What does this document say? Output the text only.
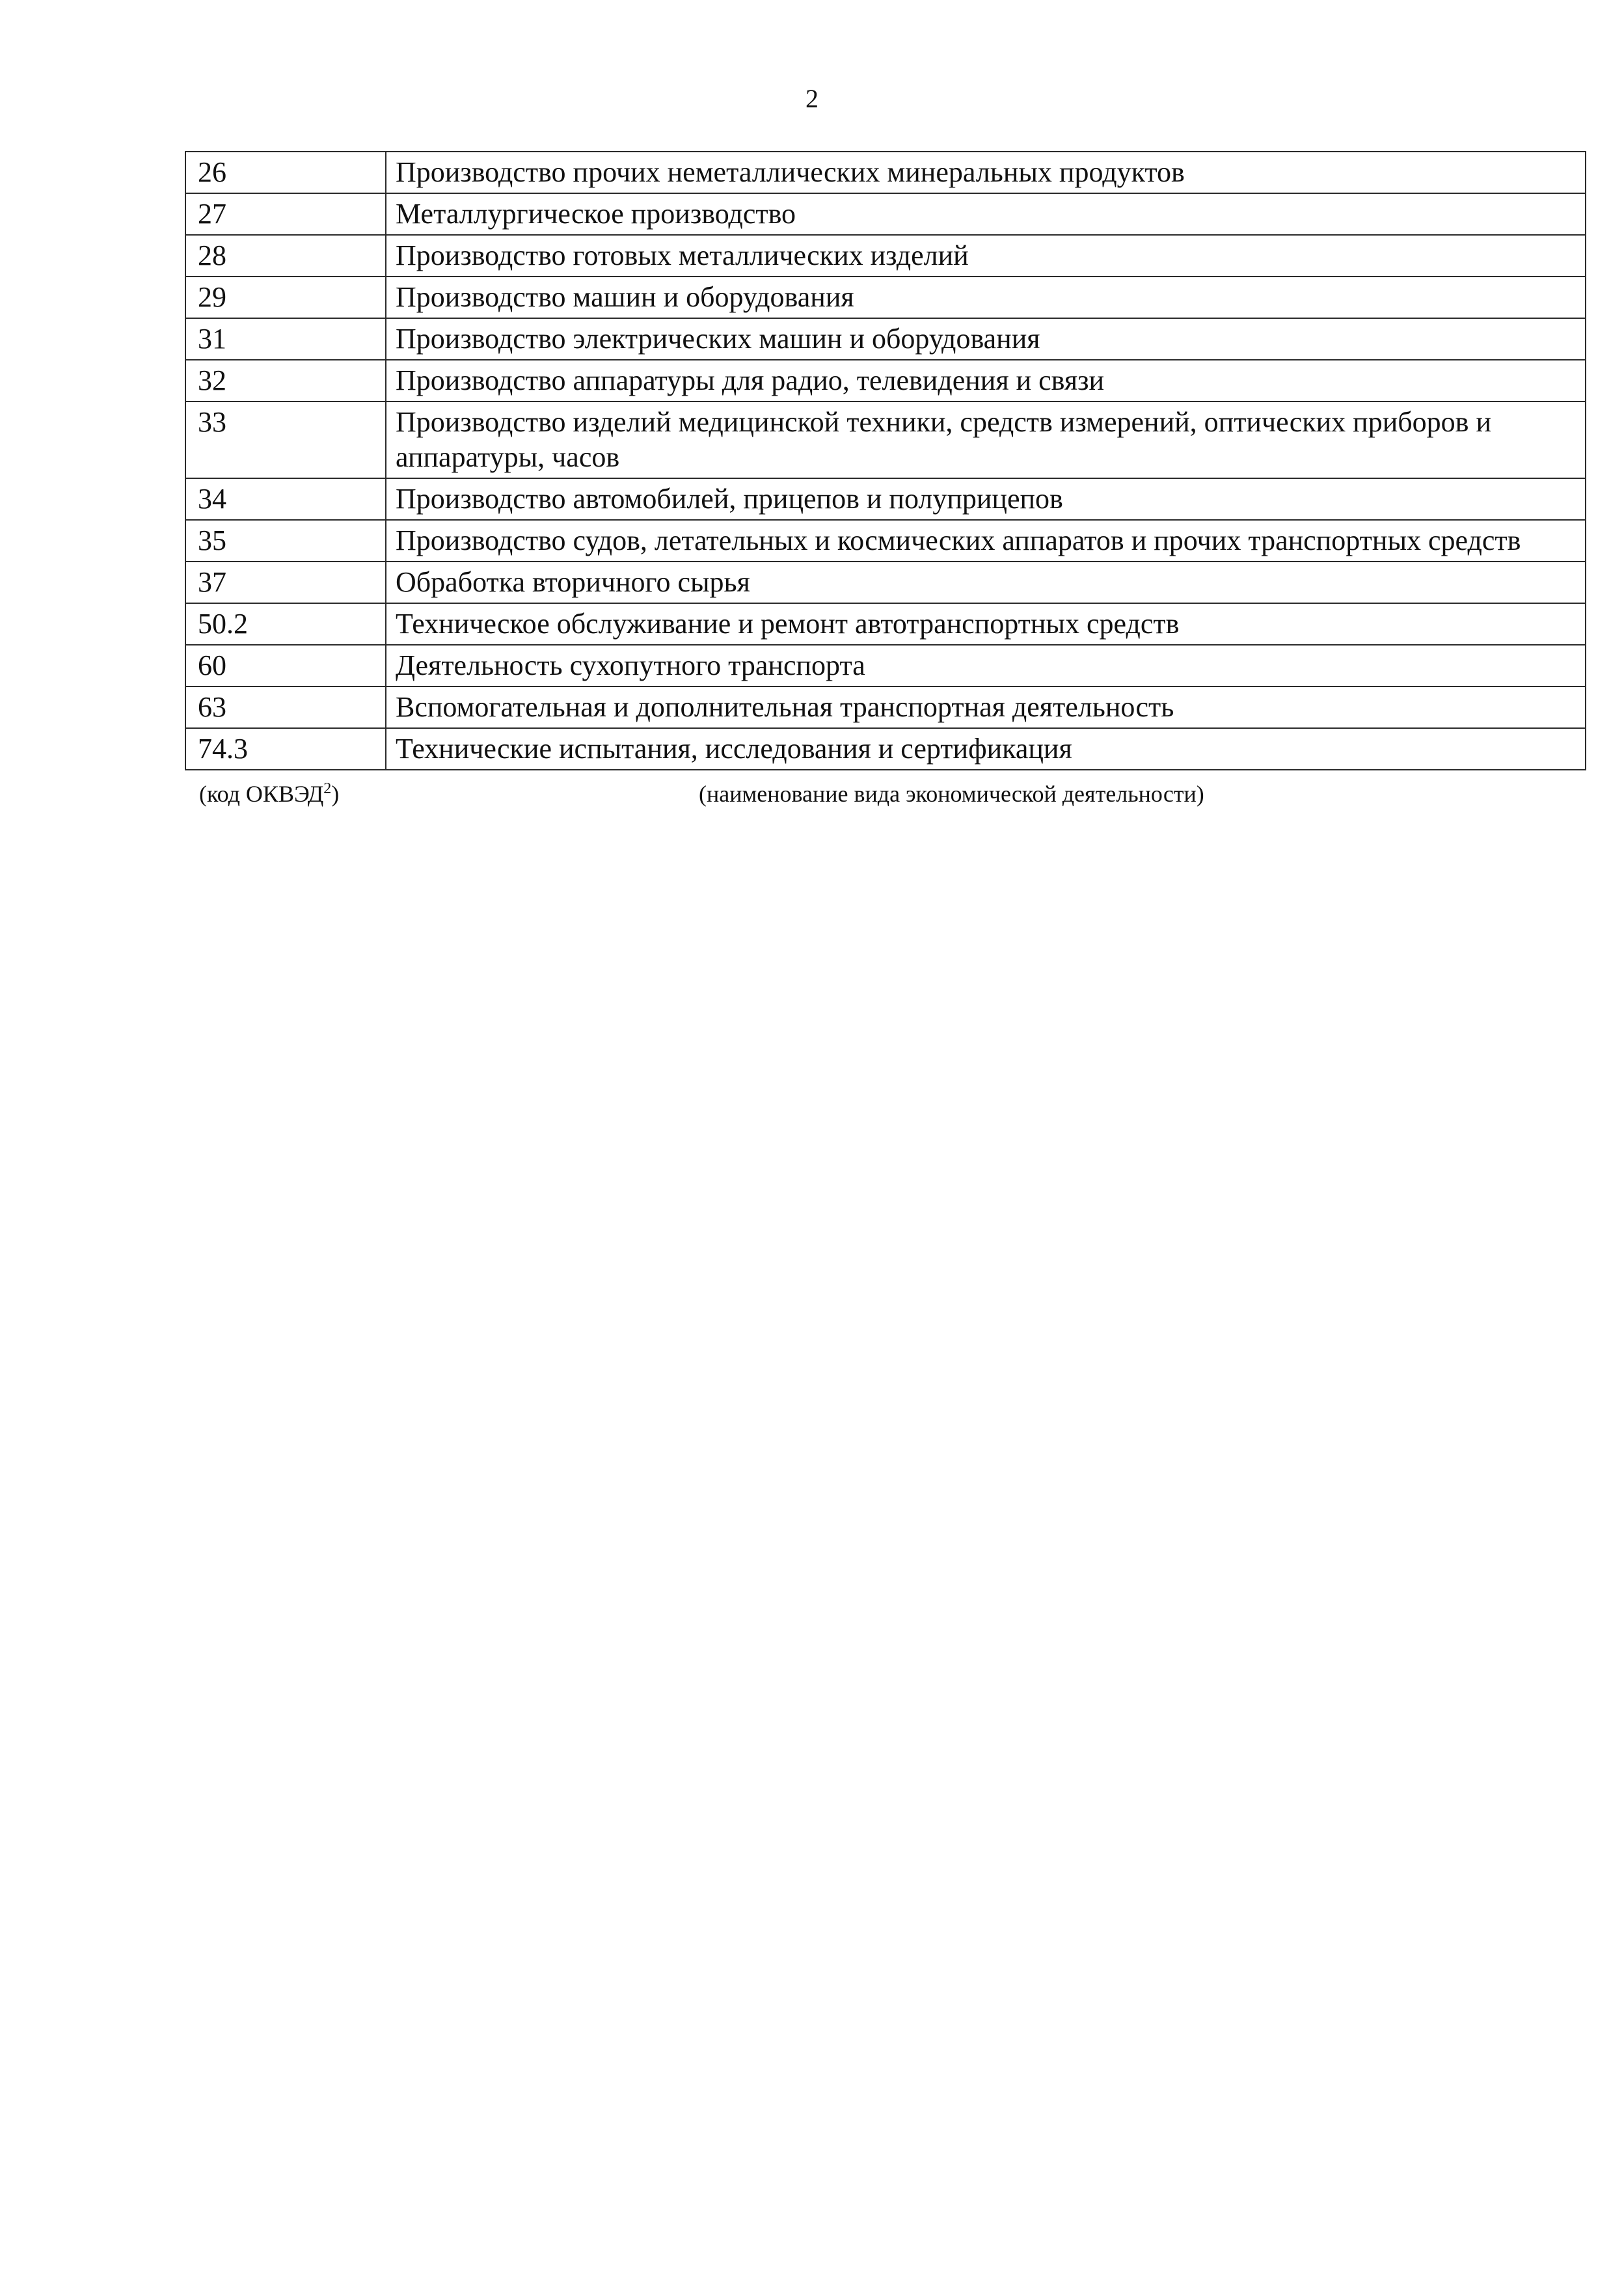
2
26	Производство прочих неметаллических минеральных продуктов
27	Металлургическое производство
28	Производство готовых металлических изделий
29	Производство машин и оборудования
31	Производство электрических машин и оборудования
32	Производство аппаратуры для радио, телевидения и связи
33	Производство изделий медицинской техники, средств измерений, оптических приборов и аппаратуры, часов
34	Производство автомобилей, прицепов и полуприцепов
35	Производство судов, летательных и космических аппаратов и прочих транспортных средств
37	Обработка вторичного сырья
50.2	Техническое обслуживание и ремонт автотранспортных средств
60	Деятельность сухопутного транспорта
63	Вспомогательная и дополнительная транспортная деятельность
74.3	Технические испытания, исследования и сертификация
(код ОКВЭД$^2$)	(наименование вида экономической деятельности)
